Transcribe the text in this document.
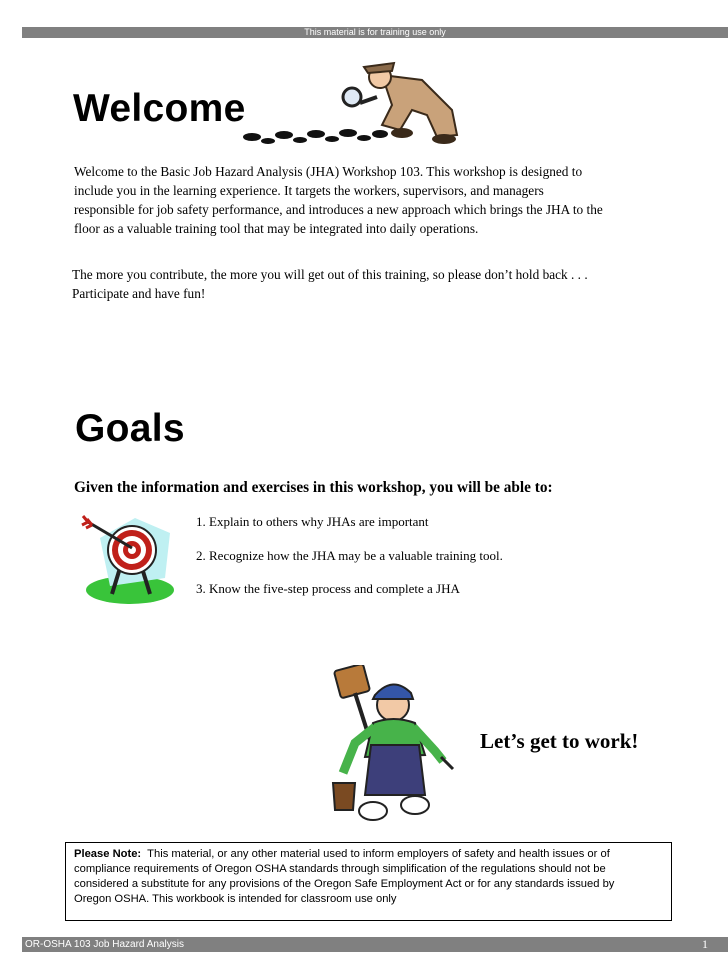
This material is for training use only
Welcome
Welcome to the Basic Job Hazard Analysis (JHA) Workshop 103. This workshop is designed to
include you in the learning experience. It targets the workers, supervisors, and managers
responsible for job safety performance, and introduces a new approach which brings the JHA to the
floor as a valuable training tool that may be integrated into daily operations.
The more you contribute, the more you will get out of this training, so please don’t hold back . . .
Participate and have fun!
Goals
Given the information and exercises in this workshop, you will be able to:
1. Explain to others why JHAs are important
2. Recognize how the JHA may be a valuable training tool.
3. Know the five-step process and complete a JHA
Let’s get to work!
Please Note: This material, or any other material used to inform employers of safety and health issues or of
compliance requirements of Oregon OSHA standards through simplification of the regulations should not be
considered a substitute for any provisions of the Oregon Safe Employment Act or for any standards issued by
Oregon OSHA. This workbook is intended for classroom use only
OR-OSHA 103 Job Hazard Analysis	1
